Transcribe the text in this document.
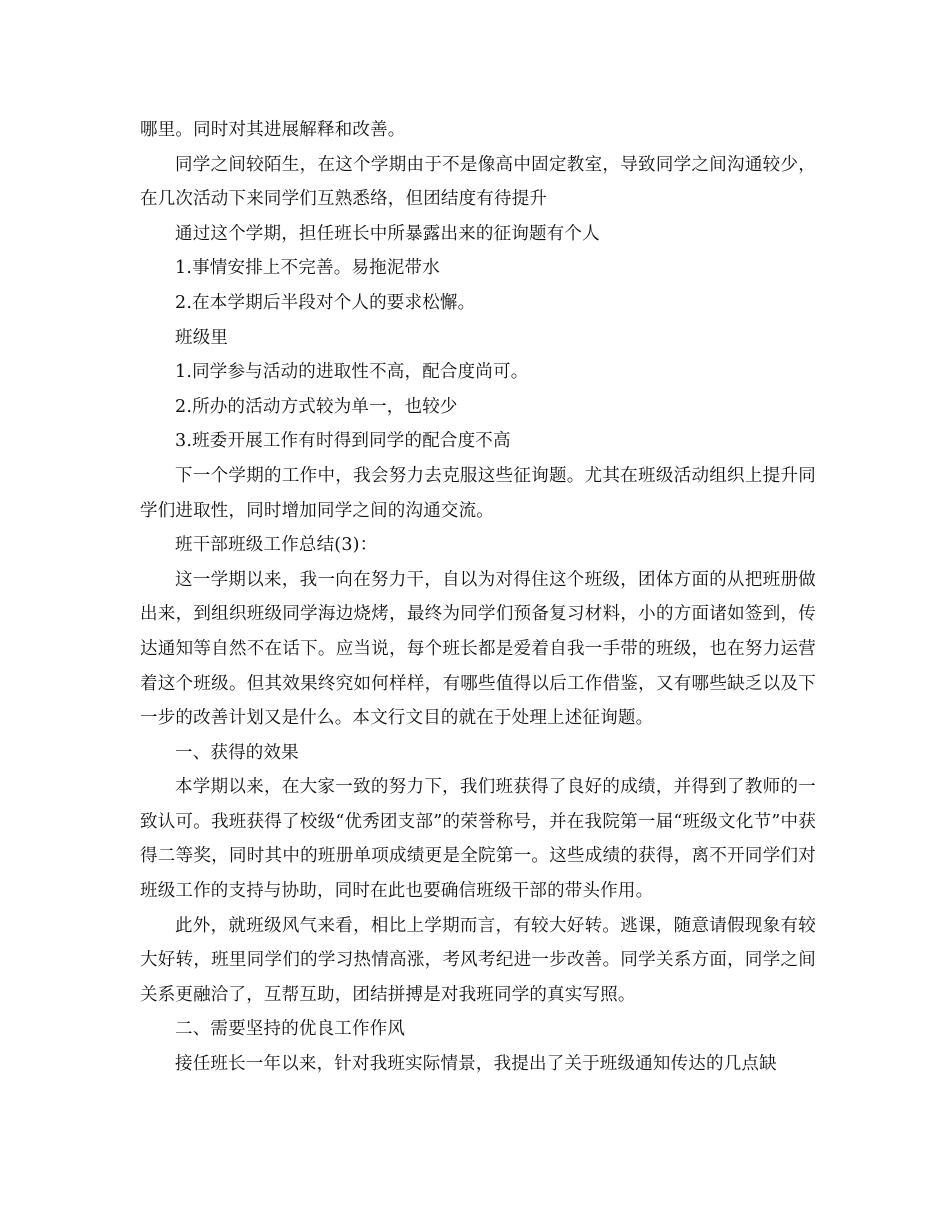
哪里。同时对其进展解释和改善。

同学之间较陌生，在这个学期由于不是像高中固定教室，导致同学之间沟通较少，在几次活动下来同学们互熟悉络，但团结度有待提升

通过这个学期，担任班长中所暴露出来的征询题有个人

1.事情安排上不完善。易拖泥带水

2.在本学期后半段对个人的要求松懈。

班级里

1.同学参与活动的进取性不高，配合度尚可。

2.所办的活动方式较为单一，也较少

3.班委开展工作有时得到同学的配合度不高

下一个学期的工作中，我会努力去克服这些征询题。尤其在班级活动组织上提升同学们进取性，同时增加同学之间的沟通交流。

班干部班级工作总结(3)：

这一学期以来，我一向在努力干，自以为对得住这个班级，团体方面的从把班册做出来，到组织班级同学海边烧烤，最终为同学们预备复习材料，小的方面诸如签到，传达通知等自然不在话下。应当说，每个班长都是爱着自我一手带的班级，也在努力运营着这个班级。但其效果终究如何样样，有哪些值得以后工作借鉴，又有哪些缺乏以及下一步的改善计划又是什么。本文行文目的就在于处理上述征询题。

一、获得的效果

本学期以来，在大家一致的努力下，我们班获得了良好的成绩，并得到了教师的一致认可。我班获得了校级“优秀团支部”的荣誉称号，并在我院第一届“班级文化节”中获得二等奖，同时其中的班册单项成绩更是全院第一。这些成绩的获得，离不开同学们对班级工作的支持与协助，同时在此也要确信班级干部的带头作用。

此外，就班级风气来看，相比上学期而言，有较大好转。逃课，随意请假现象有较大好转，班里同学们的学习热情高涨，考风考纪进一步改善。同学关系方面，同学之间关系更融洽了，互帮互助，团结拼搏是对我班同学的真实写照。

二、需要坚持的优良工作作风

接任班长一年以来，针对我班实际情景，我提出了关于班级通知传达的几点缺
